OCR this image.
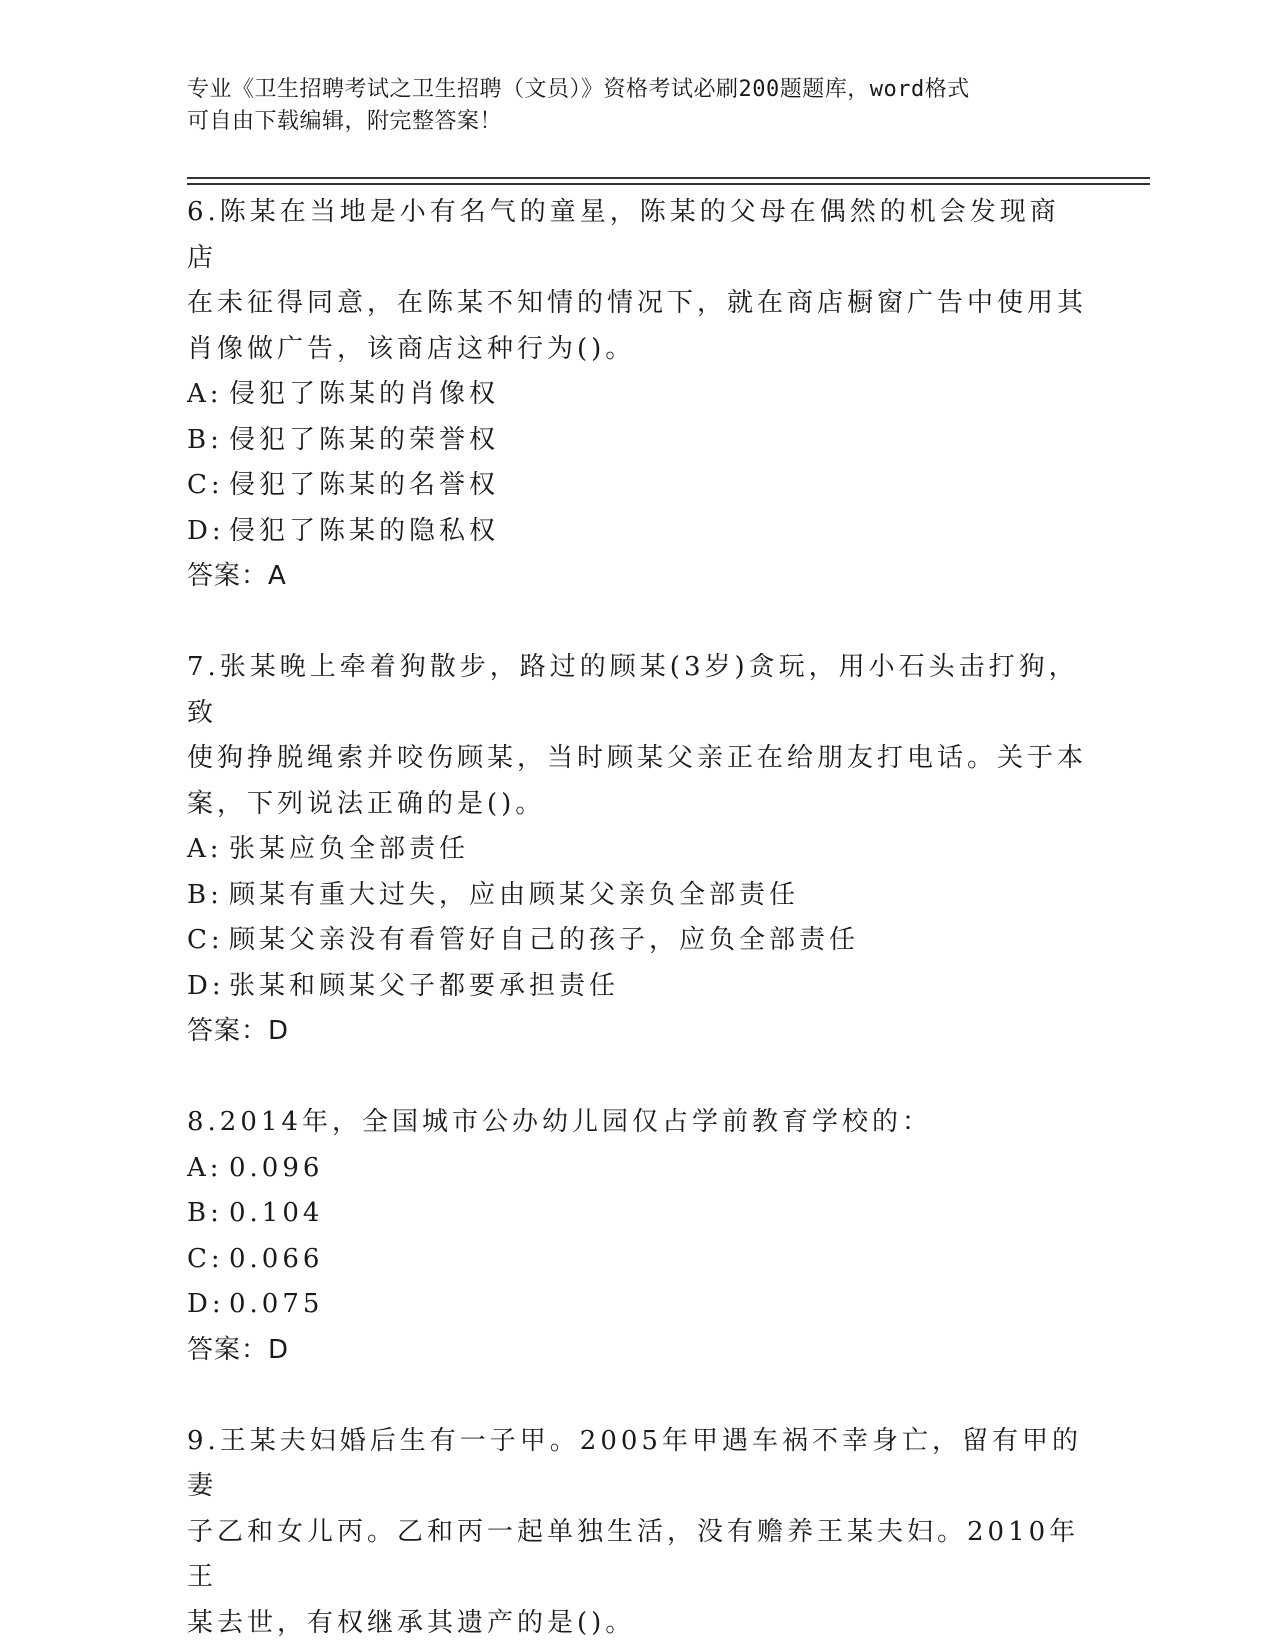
专业《卫生招聘考试之卫生招聘（文员）》资格考试必刷200题题库，word格式
可自由下载编辑，附完整答案！
6.陈某在当地是小有名气的童星，陈某的父母在偶然的机会发现商店
在未征得同意，在陈某不知情的情况下，就在商店橱窗广告中使用其
肖像做广告，该商店这种行为()。
A: 侵犯了陈某的肖像权
B: 侵犯了陈某的荣誉权
C: 侵犯了陈某的名誉权
D: 侵犯了陈某的隐私权
答案：A
7.张某晚上牵着狗散步，路过的顾某(3岁)贪玩，用小石头击打狗，致
使狗挣脱绳索并咬伤顾某，当时顾某父亲正在给朋友打电话。关于本
案，下列说法正确的是()。
A: 张某应负全部责任
B: 顾某有重大过失，应由顾某父亲负全部责任
C: 顾某父亲没有看管好自己的孩子，应负全部责任
D: 张某和顾某父子都要承担责任
答案：D
8.2014年，全国城市公办幼儿园仅占学前教育学校的：
A: 0.096
B: 0.104
C: 0.066
D: 0.075
答案：D
9.王某夫妇婚后生有一子甲。2005年甲遇车祸不幸身亡，留有甲的妻
子乙和女儿丙。乙和丙一起单独生活，没有赡养王某夫妇。2010年王
某去世，有权继承其遗产的是()。
